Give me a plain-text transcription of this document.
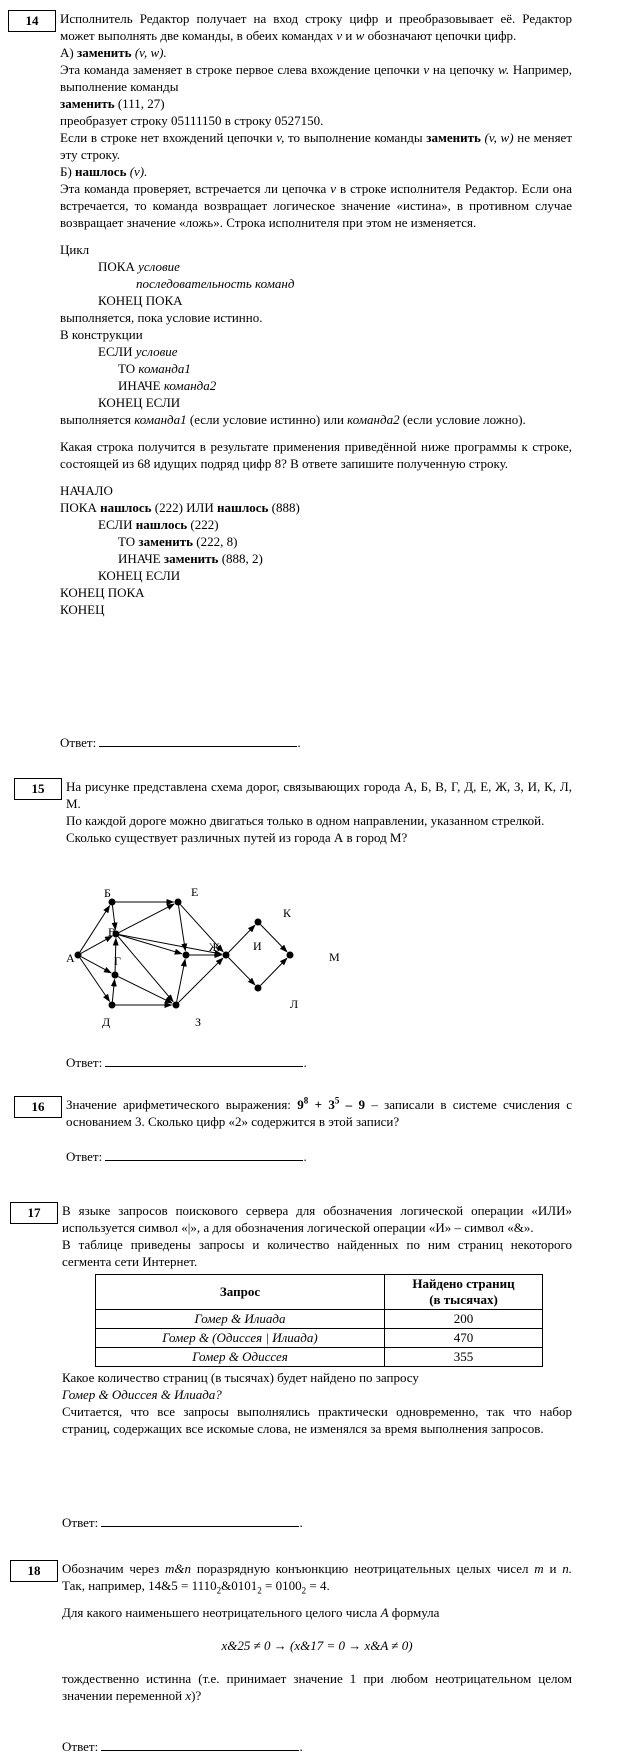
14	Исполнитель Редактор получает на вход строку цифр и преобразовывает её. Редактор может выполнять две команды, в обеих командах v и w обозначают цепочки цифр.

А) заменить (v, w).

Эта команда заменяет в строке первое слева вхождение цепочки v на цепочку w. Например, выполнение команды

заменить (111, 27)

преобразует строку 05111150 в строку 0527150.

Если в строке нет вхождений цепочки v, то выполнение команды заменить (v, w) не меняет эту строку.

Б) нашлось (v).

Эта команда проверяет, встречается ли цепочка v в строке исполнителя Редактор. Если она встречается, то команда возвращает логическое значение «истина», в противном случае возвращает значение «ложь». Строка исполнителя при этом не изменяется.

Цикл

ПОКА условие

последовательность команд

КОНЕЦ ПОКА

выполняется, пока условие истинно.

В конструкции

ЕСЛИ условие

ТО команда1

ИНАЧЕ команда2

КОНЕЦ ЕСЛИ

выполняется команда1 (если условие истинно) или команда2 (если условие ложно).

Какая строка получится в результате применения приведённой ниже программы к строке, состоящей из 68 идущих подряд цифр 8? В ответе запишите полученную строку.

НАЧАЛО

ПОКА нашлось (222) ИЛИ нашлось (888)

ЕСЛИ нашлось (222)

ТО заменить (222, 8)

ИНАЧЕ заменить (888, 2)

КОНЕЦ ЕСЛИ

КОНЕЦ ПОКА

КОНЕЦ

Ответ:	.
15	На рисунке представлена схема дорог, связывающих города А, Б, В, Г, Д, Е, Ж, З, И, К, Л, М.

По каждой дороге можно двигаться только в одном направлении, указанном стрелкой.

Сколько существует различных путей из города А в город М?

А
Б
В
Г
Д
Е
Ж
З
И
К
Л
М
Ответ:	.
16	Значение арифметического выражения: $9^8 + 3^5 - 9$ – записали в системе счисления с основанием 3. Сколько цифр «2» содержится в этой записи?

Ответ:	.
17	В языке запросов поискового сервера для обозначения логической операции «ИЛИ» используется символ «|», а для обозначения логической операции «И» – символ «&».

В таблице приведены запросы и количество найденных по ним страниц некоторого сегмента сети Интернет.

Запрос	Найдено страниц
(в тысячах)
Гомер & Илиада	200
Гомер & (Одиссея | Илиада)	470
Гомер & Одиссея	355

Какое количество страниц (в тысячах) будет найдено по запросу

Гомер & Одиссея & Илиада?

Считается, что все запросы выполнялись практически одновременно, так что набор страниц, содержащих все искомые слова, не изменялся за время выполнения запросов.

Ответ:	.
18	Обозначим через m&n поразрядную конъюнкцию неотрицательных целых чисел m и n. Так, например, 14&5 = $1110_2\&0101_2 = 0100_2 = 4$.

Для какого наименьшего неотрицательного целого числа A формула

x&25 ≠ 0 → (x&17 = 0 → x&A ≠ 0)

тождественно истинна (т.е. принимает значение 1 при любом неотрицательном целом значении переменной x)?

Ответ:	.
